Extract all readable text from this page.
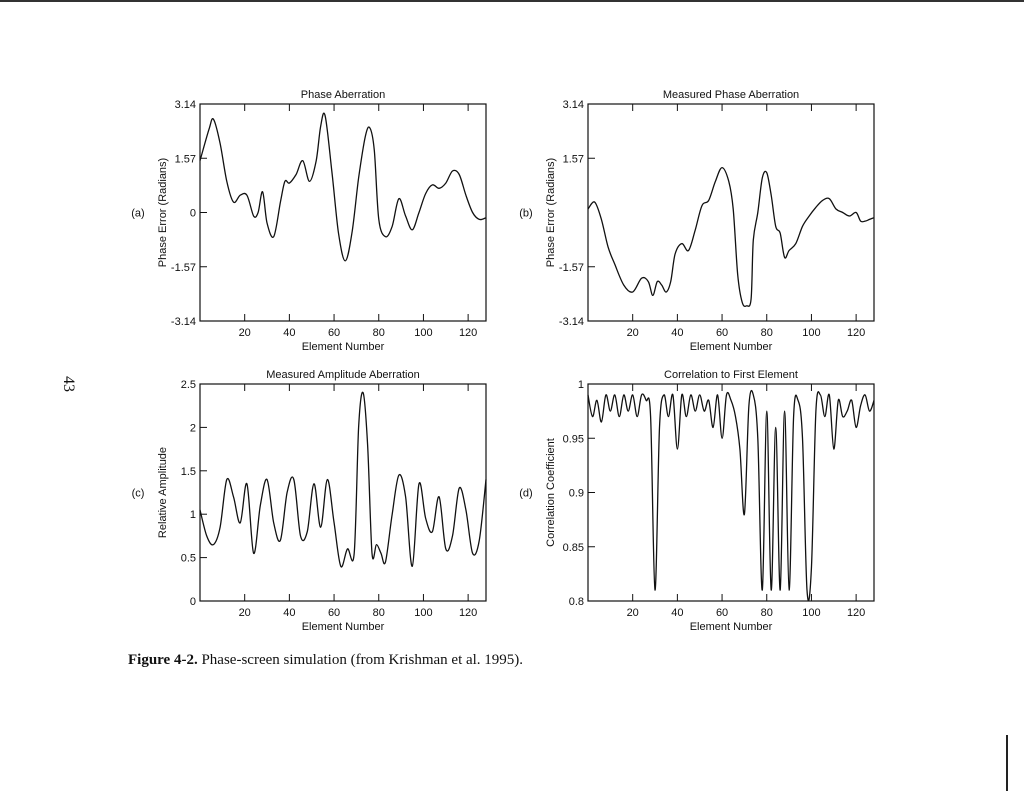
Phase Aberration
Element Number
Phase Error (Radians)
(a)
20	40	60	80	100 120
-3.14
-1.57
0
1.57
3.14
Measured Phase Aberration
Element Number
Phase Error (Radians)
(b)
20	40	60	80	100 120
-3.14
-1.57
1.57
3.14
Measured Amplitude Aberration
Element Number
Relative Amplitude
(c)
20	40	60	80	100 120
0
0.5
1
1.5
2
2.5
Correlation to First Element
Element Number
Correlation Coefficient
(d)
20	40	60	80	100 120
0.8
0.85
0.9
0.95
1
43
Figure 4-2. Phase-screen simulation (from Krishman et al. 1995).
